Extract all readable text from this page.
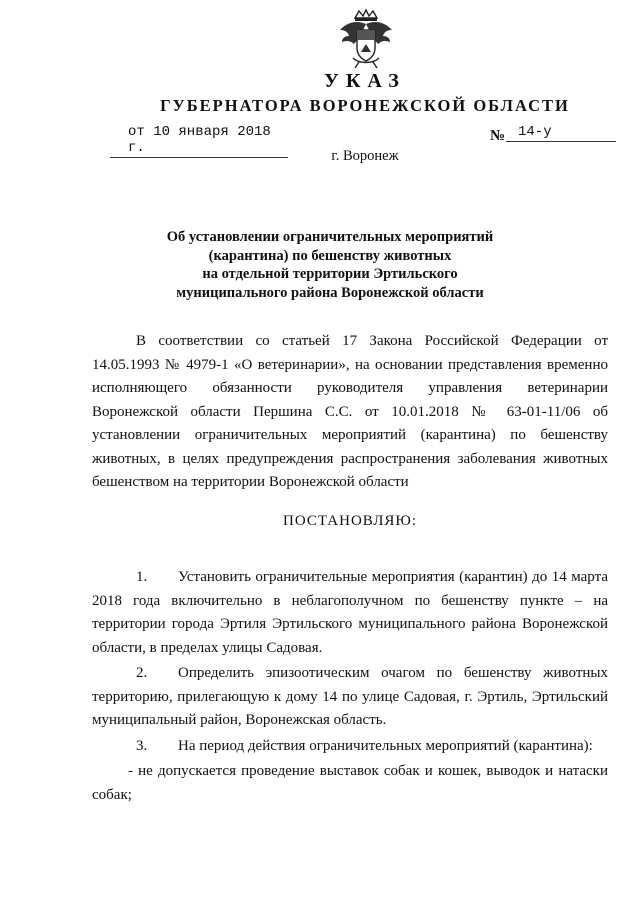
УКАЗ
ГУБЕРНАТОРА ВОРОНЕЖСКОЙ ОБЛАСТИ
от 10 января 2018 г.
№ 14-у
г. Воронеж
Об установлении ограничительных мероприятий
(карантина) по бешенству животных
на отдельной территории Эртильского
муниципального района Воронежской области
В соответствии со статьей 17 Закона Российской Федерации от 14.05.1993 № 4979-1 «О ветеринарии», на основании представления временно исполняющего обязанности руководителя управления ветеринарии Воронежской области Першина С.С. от 10.01.2018 № 63-01-11/06 об установлении ограничительных мероприятий (карантина) по бешенству животных, в целях предупреждения распространения заболевания животных бешенством на территории Воронежской области
ПОСТАНОВЛЯЮ:

1. Установить ограничительные мероприятия (карантин) до 14 марта 2018 года включительно в неблагополучном по бешенству пункте – на территории города Эртиля Эртильского муниципального района Воронежской области, в пределах улицы Садовая.

2. Определить эпизоотическим очагом по бешенству животных территорию, прилегающую к дому 14 по улице Садовая, г. Эртиль, Эртильский муниципальный район, Воронежская область.

3. На период действия ограничительных мероприятий (карантина):

- не допускается проведение выставок собак и кошек, выводок и натаски собак;
